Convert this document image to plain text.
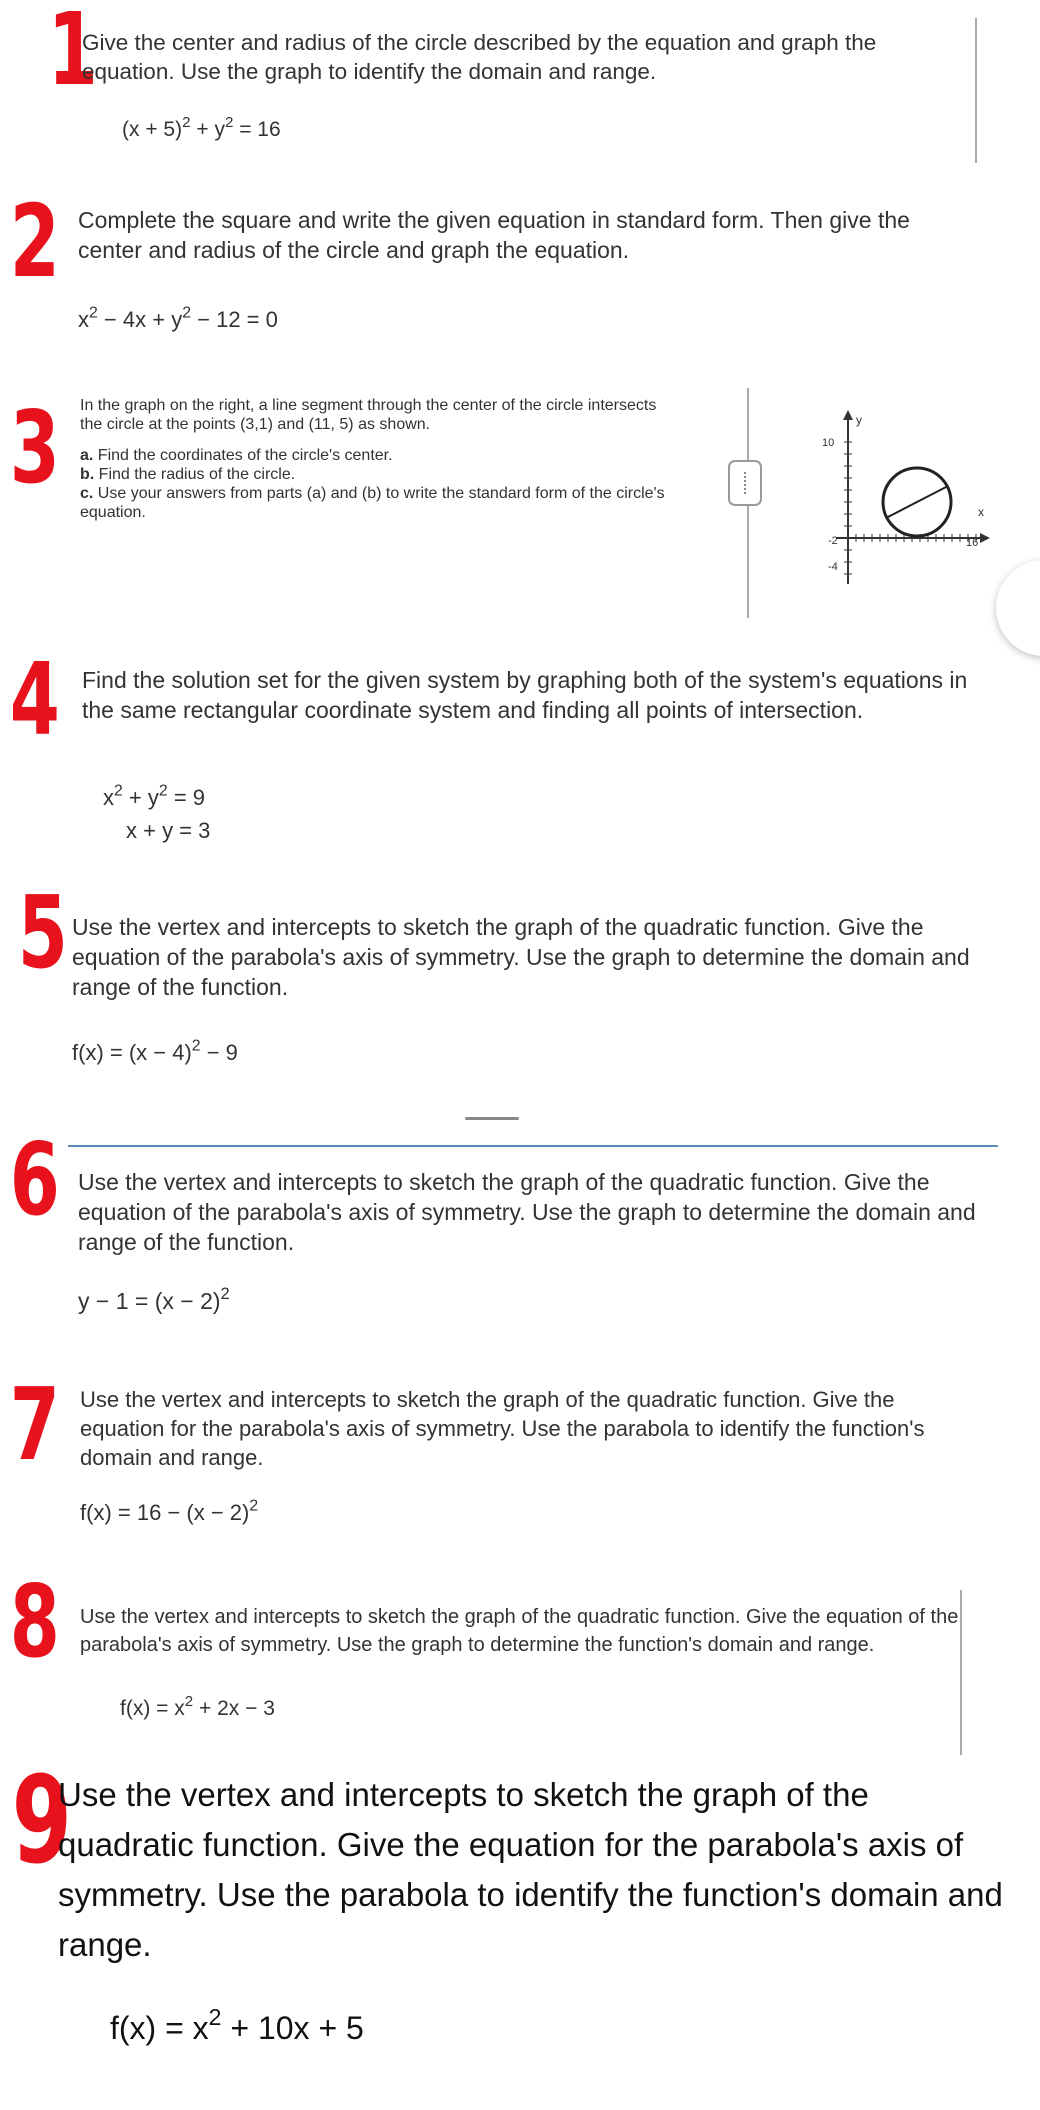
1

Give the center and radius of the circle described by the equation and graph the equation. Use the graph to identify the domain and range.

$(x + 5)^2 + y^2 = 16$
2 Complete the square and write the given equation in standard form. Then give the center and radius of the circle and graph the equation.

$x^2 - 4x + y^2 - 12 = 0$
3 In the graph on the right, a line segment through the center of the circle intersects the circle at the points (3,1) and (11, 5) as shown.

a. Find the coordinates of the circle's center.
b. Find the radius of the circle.
c. Use your answers from parts (a) and (b) to write the standard form of the circle's equation.
y
x
10
-2
-4
16
4 Find the solution set for the given system by graphing both of the system's equations in the same rectangular coordinate system and finding all points of intersection.

$x^2 + y^2 = 9$
x + y = 3
5 Use the vertex and intercepts to sketch the graph of the quadratic function. Give the equation of the parabola's axis of symmetry. Use the graph to determine the domain and range of the function.

$f(x) = (x - 4)^2 - 9$
6 Use the vertex and intercepts to sketch the graph of the quadratic function. Give the equation of the parabola's axis of symmetry. Use the graph to determine the domain and range of the function.

$y - 1 = (x - 2)^2$
7 Use the vertex and intercepts to sketch the graph of the quadratic function. Give the equation for the parabola's axis of symmetry. Use the parabola to identify the function's domain and range.

$f(x) = 16 - (x - 2)^2$
8 Use the vertex and intercepts to sketch the graph of the quadratic function. Give the equation of the parabola's axis of symmetry. Use the graph to determine the function's domain and range.

$f(x) = x^2 + 2x - 3$
9

Use the vertex and intercepts to sketch the graph of the quadratic function. Give the equation for the parabola's axis of symmetry. Use the parabola to identify the function's domain and range.

$f(x) = x^2 + 10x + 5$
